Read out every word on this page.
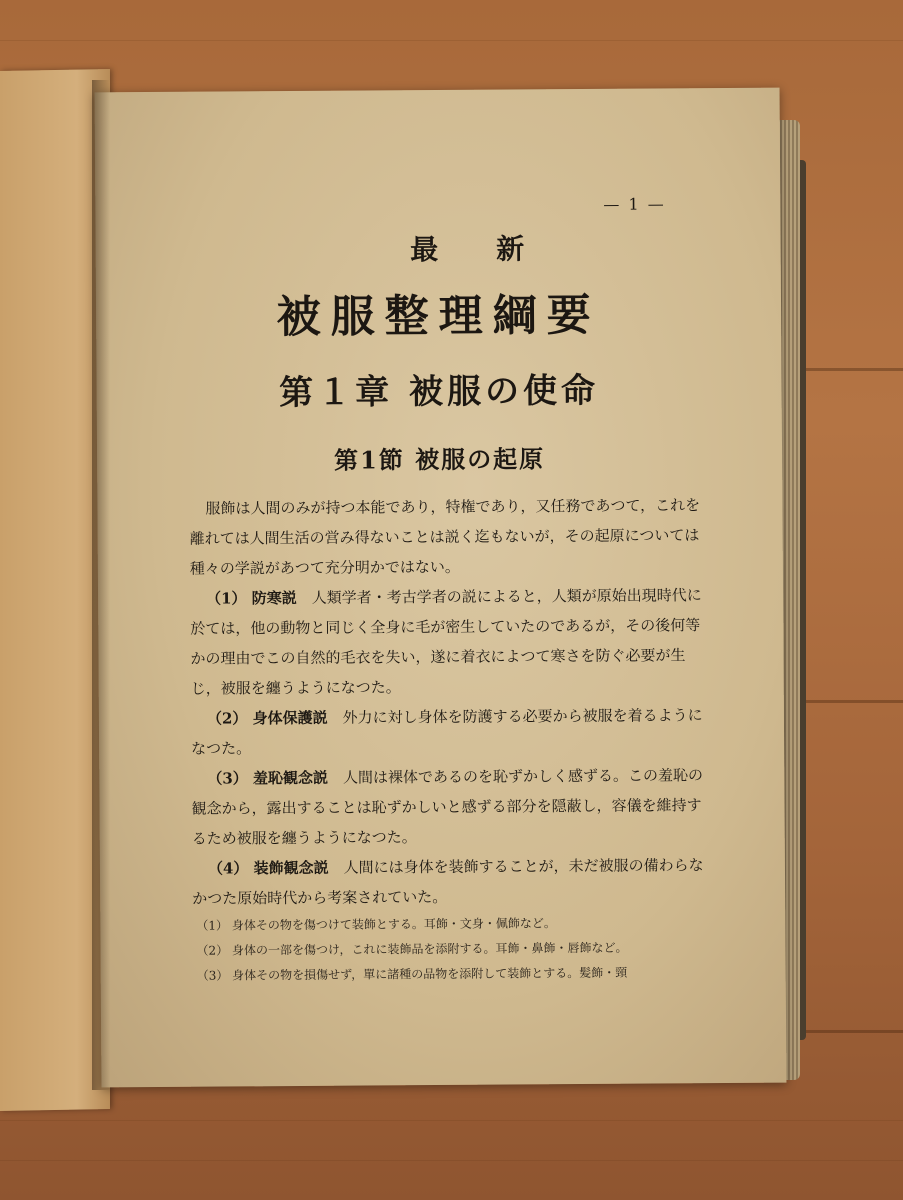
— 1 —
最新
被服整理綱要
第１章 被服の使命
第1節 被服の起原

服飾は人間のみが持つ本能であり，特権であり，又任務であつて，これを離れては人間生活の営み得ないことは説く迄もないが，その起原については種々の学説があつて充分明かではない。

（1） 防寒説　 人類学者・考古学者の説によると，人類が原始出現時代に於ては，他の動物と同じく全身に毛が密生していたのであるが，その後何等かの理由でこの自然的毛衣を失い，遂に着衣によつて寒さを防ぐ必要が生じ，被服を纏うようになつた。

（2） 身体保護説　 外力に対し身体を防護する必要から被服を着るようになつた。

（3） 羞恥観念説　 人間は裸体であるのを恥ずかしく感ずる。この羞恥の観念から，露出することは恥ずかしいと感ずる部分を隠蔽し，容儀を維持するため被服を纏うようになつた。

（4） 装飾観念説　 人間には身体を装飾することが，未だ被服の備わらなかつた原始時代から考案されていた。

（1） 身体その物を傷つけて装飾とする。耳飾・文身・佩飾など。

（2） 身体の一部を傷つけ，これに装飾品を添附する。耳飾・鼻飾・唇飾など。

（3） 身体その物を損傷せず，單に諸種の品物を添附して装飾とする。髪飾・頸
